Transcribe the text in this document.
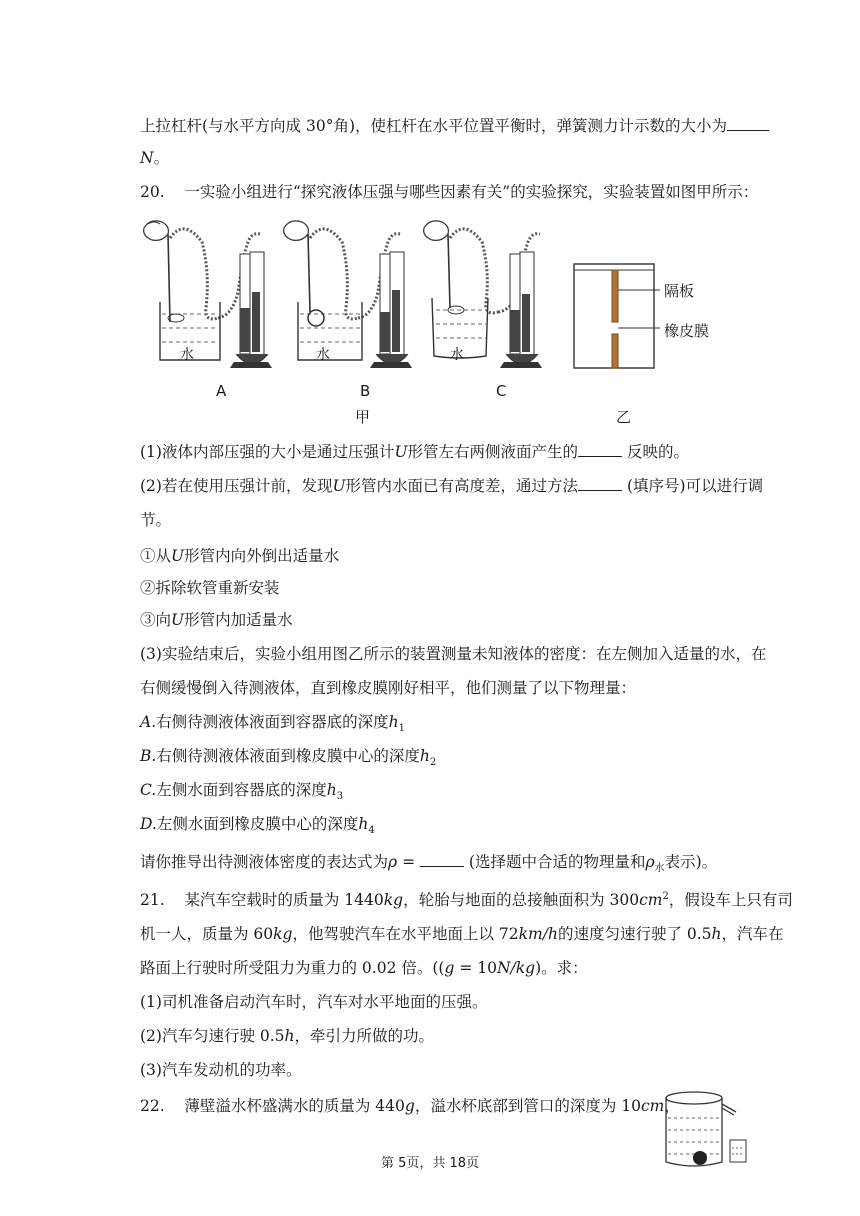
上拉杠杆(与水平方向成 30°角)，使杠杆在水平位置平衡时，弹簧测力计示数的大小为
N。
20. 一实验小组进行“探究液体压强与哪些因素有关”的实验探究，实验装置如图甲所示：
水	水	水
隔板
橡皮膜
A	B	C
甲	乙
(1)液体内部压强的大小是通过压强计U形管左右两侧液面产生的	反映的。
(2)若在使用压强计前，发现U形管内水面已有高度差，通过方法	(填序号)可以进行调
节。
①从U形管内向外倒出适量水
②拆除软管重新安装
③向U形管内加适量水
(3)实验结束后，实验小组用图乙所示的装置测量未知液体的密度：在左侧加入适量的水，在
右侧缓慢倒入待测液体，直到橡皮膜刚好相平，他们测量了以下物理量：
A.右侧待测液体液面到容器底的深度$h_1$
B.右侧待测液体液面到橡皮膜中心的深度$h_2$
C.左侧水面到容器底的深度$h_3$
D.左侧水面到橡皮膜中心的深度$h_4$
请你推导出待测液体密度的表达式为ρ =	(选择题中合适的物理量和$\rho_水$表示)。
21. 某汽车空载时的质量为 1440kg，轮胎与地面的总接触面积为 $300cm^2$，假设车上只有司
机一人，质量为 60kg，他驾驶汽车在水平地面上以 72km/h的速度匀速行驶了 0.5h，汽车在
路面上行驶时所受阻力为重力的 0.02 倍。((g = 10N/kg)。求：
(1)司机准备启动汽车时，汽车对水平地面的压强。
(2)汽车匀速行驶 0.5h，牵引力所做的功。
(3)汽车发动机的功率。
22. 薄壁溢水杯盛满水的质量为 440g，溢水杯底部到管口的深度为 10cm，
第 5页，共 18页
